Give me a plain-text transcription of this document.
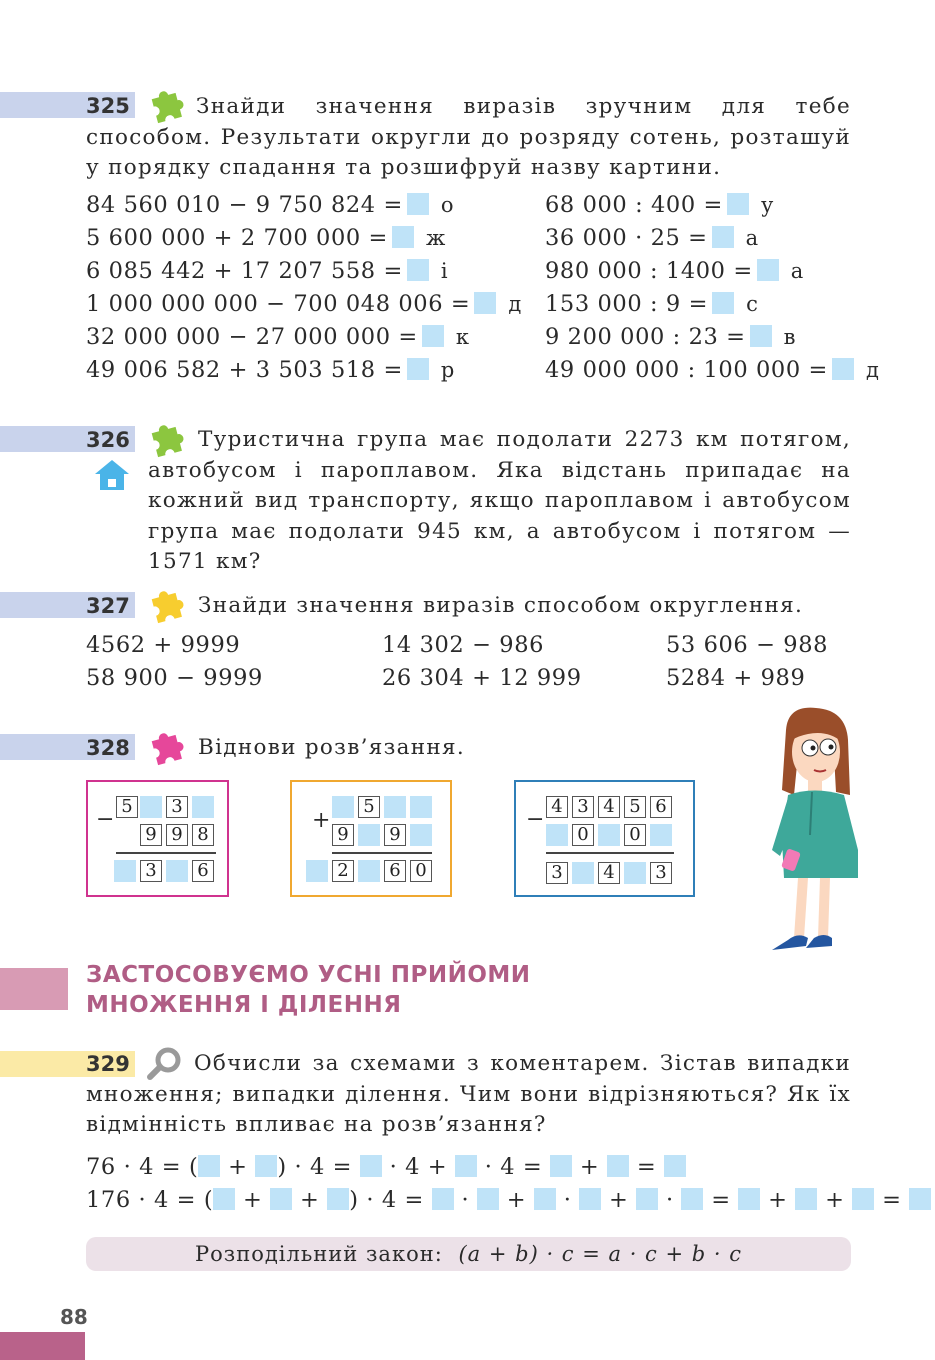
325	Знайди значення виразів зручним для тебе способом. Результати округли до розряду сотень, розташуй у порядку спадання та розшифруй назву картини.
84 560 010 − 9 750 824 = о
5 600 000 + 2 700 000 = ж
6 085 442 + 17 207 558 = і
1 000 000 000 − 700 048 006 = д
32 000 000 − 27 000 000 = к
49 006 582 + 3 503 518 = р
68 000 : 400 = у
36 000 · 25 = а
980 000 : 1400 = а
153 000 : 9 = с
9 200 000 : 23 = в
49 000 000 : 100 000 = д
326	Туристична група має подолати 2273 км потягом, автобусом і пароплавом. Яка відстань припадає на кожний вид транспорту, якщо пароплавом і автобусом група має подолати 945 км, а автобусом і потягом — 1571 км?
327	Знайди значення виразів способом округлення.
4562 + 9999
58 900 − 9999
14 302 − 986
26 304 + 12 999
53 606 − 988
5284 + 989
328	Віднови розв’язання.
−
5 3
9 9 8
3 6
+
5
9 9
2 6 0
−
4 3 4 5 6
0 0
3 4 3
ЗАСТОСОВУЄМО УСНІ ПРИЙОМИ
МНОЖЕННЯ І ДІЛЕННЯ
329	Обчисли за схемами з коментарем. Зістав випадки множення; випадки ділення. Чим вони відрізняються? Як їх відмінність впливає на розв’язання?
76 · 4 = ( + ) · 4 =  · 4 +  · 4 =  +  =
176 · 4 = ( +  + ) · 4 =  ·  +  ·  +  ·  =  +  +  =
Розподільний закон: (a + b) · c = a · c + b · c
88
